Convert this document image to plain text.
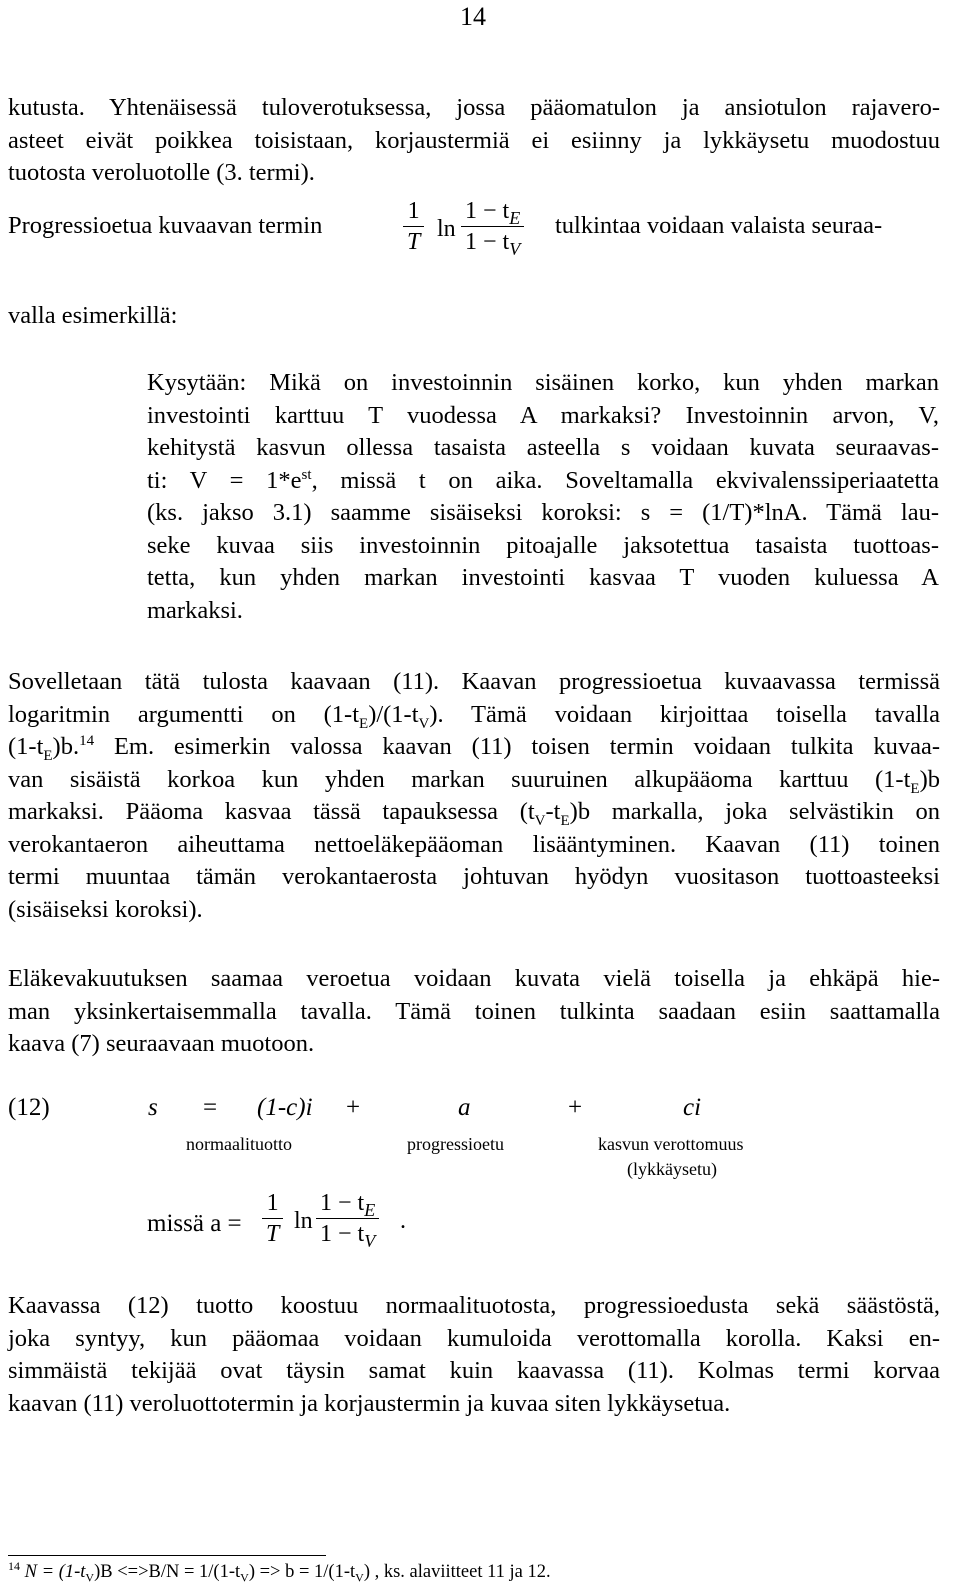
14
kutusta. Yhtenäisessä tuloverotuksessa, jossa pääomatulon ja ansiotulon rajavero-
asteet eivät poikkea toisistaan, korjaustermiä ei esiinny ja lykkäysetu muodostuu
tuotosta veroluotolle (3. termi).
Progressioetua kuvaavan termin	$\frac{1}{T}$ $\ln \frac{1 - t_E}{1 - t_V}$ tulkintaa voidaan valaista seuraa-
valla esimerkillä:
Kysytään: Mikä on investoinnin sisäinen korko, kun yhden markan
investointi karttuu T vuodessa A markaksi? Investoinnin arvon, V,
kehitystä kasvun ollessa tasaista asteella s voidaan kuvata seuraavas-
ti: $V = 1*e^{st}$, missä t on aika. Soveltamalla ekvivalenssiperiaatetta
(ks. jakso 3.1) saamme sisäiseksi koroksi: s = (1/T)*lnA. Tämä lau-
seke kuvaa siis investoinnin pitoajalle jaksotettua tasaista tuottoas-
tetta, kun yhden markan investointi kasvaa T vuoden kuluessa A
markaksi.
Sovelletaan tätä tulosta kaavaan (11). Kaavan progressioetua kuvaavassa termissä
logaritmin argumentti on $(1-t_E)/(1-t_V)$. Tämä voidaan kirjoittaa toisella tavalla
$(1-t_E)b.^{14}$ Em. esimerkin valossa kaavan (11) toisen termin voidaan tulkita kuvaa-
van sisäistä korkoa kun yhden markan suuruinen alkupääoma karttuu $(1-t_E)b$
markaksi. Pääoma kasvaa tässä tapauksessa $(t_V-t_E)b$ markalla, joka selvästikin on
verokantaeron aiheuttama nettoeläkepääoman lisääntyminen. Kaavan (11) toinen
termi muuntaa tämän verokantaerosta johtuvan hyödyn vuositason tuottoasteeksi
(sisäiseksi koroksi).
Eläkevakuutuksen saamaa veroetua voidaan kuvata vielä toisella ja ehkäpä hie-
man yksinkertaisemmalla tavalla. Tämä toinen tulkinta saadaan esiin saattamalla
kaava (7) seuraavaan muotoon.
(12)	s = (1-c)i +	a	+	ci
normaalituotto	progressioetu	kasvun verottomuus
(lykkäysetu)
missä $a = \frac{1}{T}$ $\ln \frac{1 - t_E}{1 - t_V}$ .
Kaavassa (12) tuotto koostuu normaalituotosta, progressioedusta sekä säästöstä,
joka syntyy, kun pääomaa voidaan kumuloida verottomalla korolla. Kaksi en-
simmäistä tekijää ovat täysin samat kuin kaavassa (11). Kolmas termi korvaa
kaavan (11) veroluottotermin ja korjaustermin ja kuvaa siten lykkäysetua.
$^{14}$ $N = (1-t_V)B <=>B/N = 1/(1-t_V) => b = 1/(1-t_V)$ , ks. alaviitteet 11 ja 12.
